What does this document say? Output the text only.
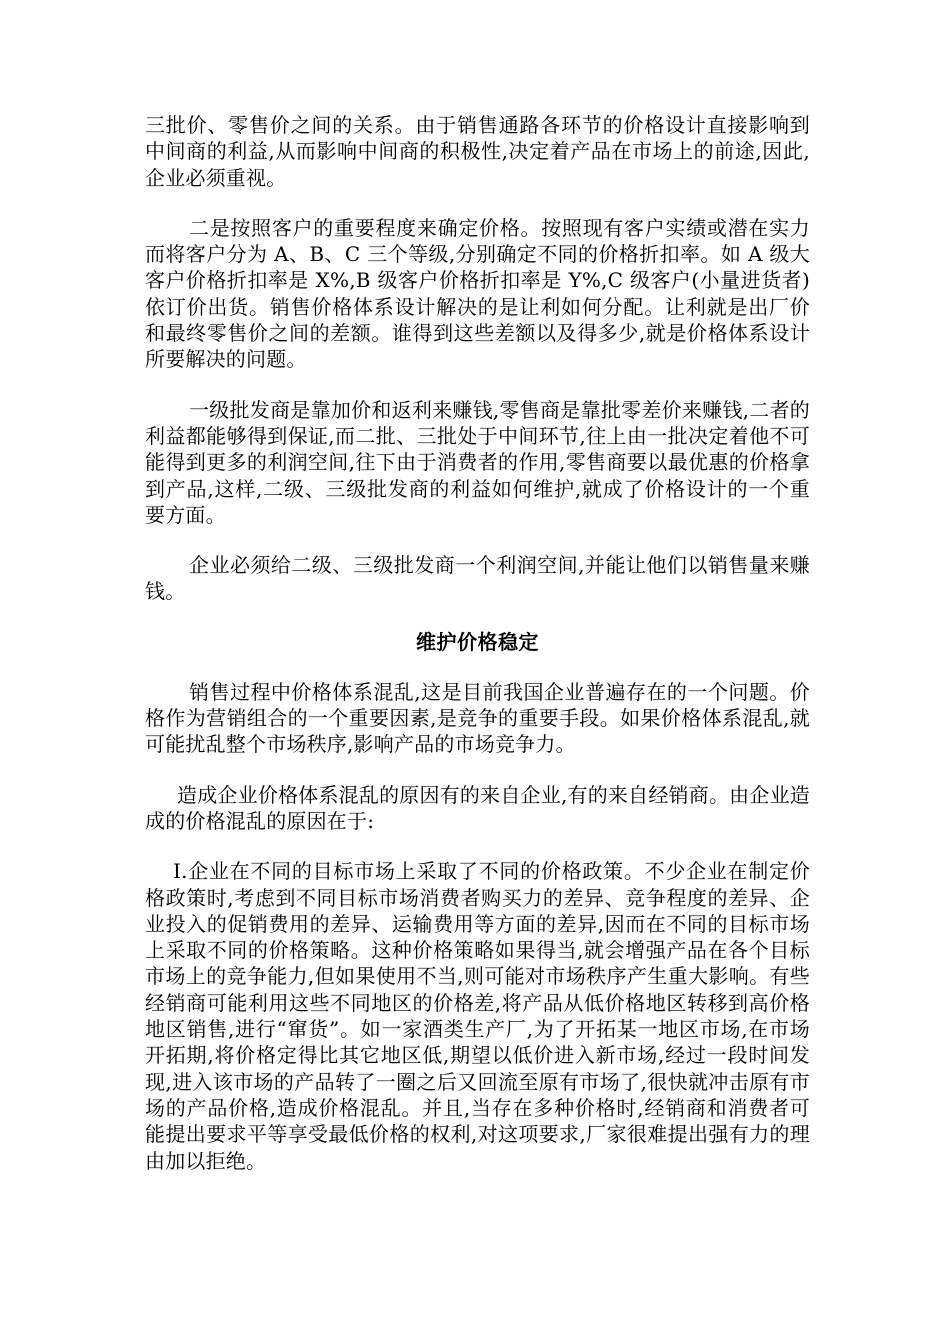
三批价、零售价之间的关系。由于销售通路各环节的价格设计直接影响到中间商的利益,从而影响中间商的积极性,决定着产品在市场上的前途,因此,企业必须重视。

二是按照客户的重要程度来确定价格。按照现有客户实绩或潜在实力而将客户分为 A、B、C 三个等级,分别确定不同的价格折扣率。如 A 级大客户价格折扣率是 X%,B 级客户价格折扣率是 Y%,C 级客户(小量进货者)依订价出货。销售价格体系设计解决的是让利如何分配。让利就是出厂价和最终零售价之间的差额。谁得到这些差额以及得多少,就是价格体系设计所要解决的问题。

一级批发商是靠加价和返利来赚钱,零售商是靠批零差价来赚钱,二者的利益都能够得到保证,而二批、三批处于中间环节,往上由一批决定着他不可能得到更多的利润空间,往下由于消费者的作用,零售商要以最优惠的价格拿到产品,这样,二级、三级批发商的利益如何维护,就成了价格设计的一个重要方面。

企业必须给二级、三级批发商一个利润空间,并能让他们以销售量来赚钱。

维护价格稳定

销售过程中价格体系混乱,这是目前我国企业普遍存在的一个问题。价格作为营销组合的一个重要因素,是竞争的重要手段。如果价格体系混乱,就可能扰乱整个市场秩序,影响产品的市场竞争力。

造成企业价格体系混乱的原因有的来自企业,有的来自经销商。由企业造成的价格混乱的原因在于:

I.企业在不同的目标市场上采取了不同的价格政策。不少企业在制定价格政策时,考虑到不同目标市场消费者购买力的差异、竞争程度的差异、企业投入的促销费用的差异、运输费用等方面的差异,因而在不同的目标市场上采取不同的价格策略。这种价格策略如果得当,就会增强产品在各个目标市场上的竞争能力,但如果使用不当,则可能对市场秩序产生重大影响。有些经销商可能利用这些不同地区的价格差,将产品从低价格地区转移到高价格地区销售,进行“窜货”。如一家酒类生产厂,为了开拓某一地区市场,在市场开拓期,将价格定得比其它地区低,期望以低价进入新市场,经过一段时间发现,进入该市场的产品转了一圈之后又回流至原有市场了,很快就冲击原有市场的产品价格,造成价格混乱。并且,当存在多种价格时,经销商和消费者可能提出要求平等享受最低价格的权利,对这项要求,厂家很难提出强有力的理由加以拒绝。
